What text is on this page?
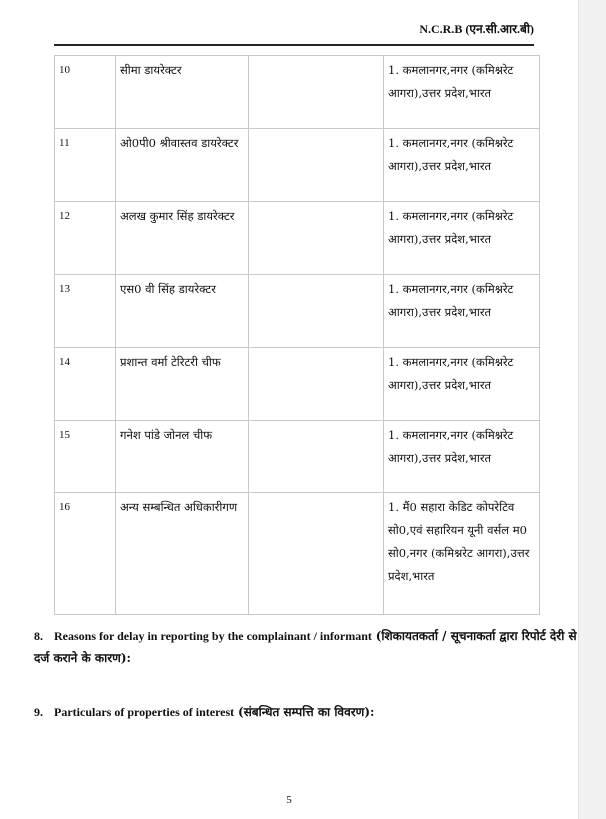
N.C.R.B (एन.सी.आर.बी)
10	सीमा डायरेक्टर		1. कमलानगर,नगर (कमिश्नरेट आगरा),उत्तर प्रदेश,भारत
11	ओ0पी0 श्रीवास्तव डायरेक्टर		1. कमलानगर,नगर (कमिश्नरेट आगरा),उत्तर प्रदेश,भारत
12	अलख कुमार सिंह डायरेक्टर		1. कमलानगर,नगर (कमिश्नरेट आगरा),उत्तर प्रदेश,भारत
13	एस0 वी सिंह डायरेक्टर		1. कमलानगर,नगर (कमिश्नरेट आगरा),उत्तर प्रदेश,भारत
14	प्रशान्त वर्मा टेरिटरी चीफ		1. कमलानगर,नगर (कमिश्नरेट आगरा),उत्तर प्रदेश,भारत
15	गनेश पांडे जोनल चीफ		1. कमलानगर,नगर (कमिश्नरेट आगरा),उत्तर प्रदेश,भारत
16	अन्य सम्बन्धित अधिकारीगण		1. मैं0 सहारा केडिट कोपरेटिव सो0,एवं सहारियन यूनी वर्सल म0 सो0,नगर (कमिश्नरेट आगरा),उत्तर प्रदेश,भारत
8. Reasons for delay in reporting by the complainant / informant (शिकायतकर्ता / सूचनाकर्ता द्वारा रिपोर्ट देरी से दर्ज कराने के कारण):
9. Particulars of properties of interest (संबन्धित सम्पत्ति का विवरण):
5
